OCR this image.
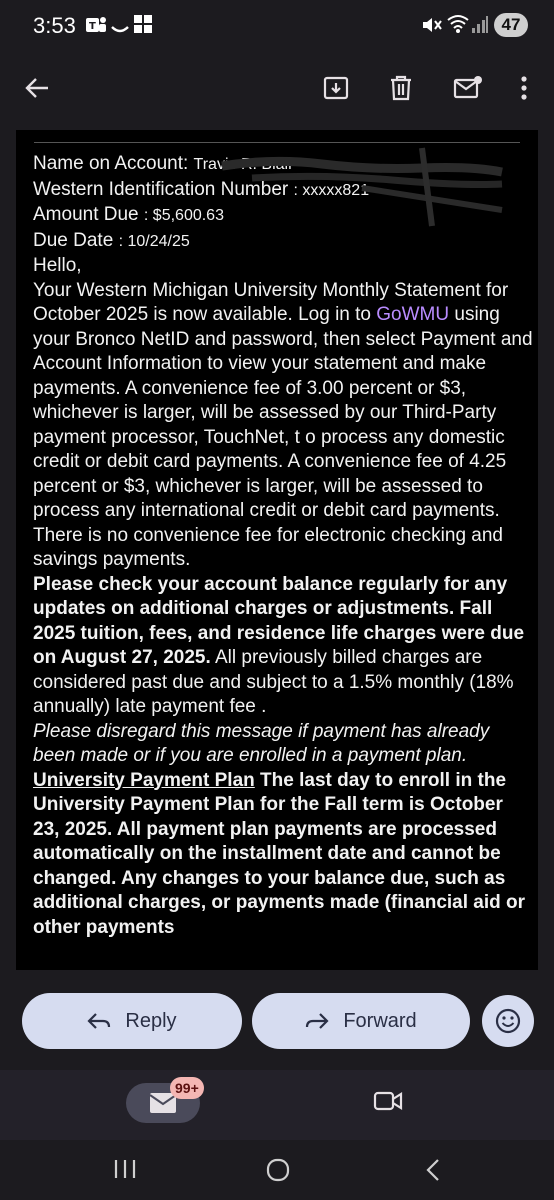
3:53 T	47

Name on Account: Travis R. Blair

Western Identification Number : xxxxx821

Amount Due : $5,600.63

Due Date : 10/24/25

Hello,

Your Western Michigan University Monthly Statement for October 2025 is now available. Log in to GoWMU using your Bronco NetID and password, then select Payment and Account Information to view your statement and make payments. A convenience fee of 3.00 percent or $3, whichever is larger, will be assessed by our Third-Party payment processor, TouchNet, t o process any domestic credit or debit card payments. A convenience fee of 4.25 percent or $3, whichever is larger, will be assessed to process any international credit or debit card payments. There is no convenience fee for electronic checking and savings payments.

Please check your account balance regularly for any updates on additional charges or adjustments. Fall 2025 tuition, fees, and residence life charges were due on August 27, 2025. All previously billed charges are considered past due and subject to a 1.5% monthly (18% annually) late payment fee .

Please disregard this message if payment has already been made or if you are enrolled in a payment plan.

University Payment Plan The last day to enroll in the University Payment Plan for the Fall term is October 23, 2025. All payment plan payments are processed automatically on the installment date and cannot be changed. Any changes to your balance due, such as additional charges, or payments made (financial aid or other payments

Reply	Forward
99+
